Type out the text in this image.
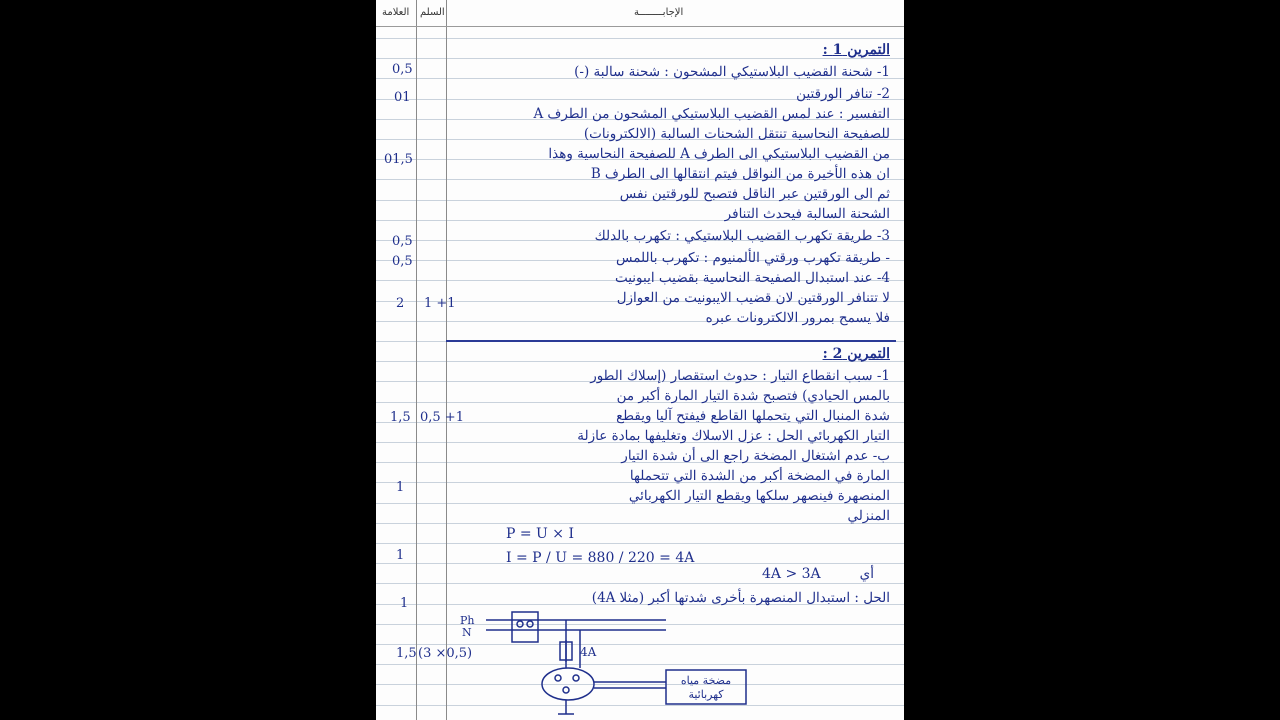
العلامة السلم	الإجابــــــــة
التمرين 1 :
1- شحنة القضيب البلاستيكي المشحون : شحنة سالبة (-)
2- تنافر الورقتين
التفسير : عند لمس القضيب البلاستيكي المشحون من الطرف A
للصفيحة النحاسية تنتقل الشحنات السالبة (الالكترونات)
من القضيب البلاستيكي الى الطرف A للصفيحة النحاسية وهذا
ان هذه الأخيرة من النواقل فيتم انتقالها الى الطرف B
ثم الى الورقتين عبر الناقل فتصبح للورقتين نفس
الشحنة السالبة فيحدث التنافر
3- طريقة تكهرب القضيب البلاستيكي : تكهرب بالدلك
- طريقة تكهرب ورقتي الألمنيوم : تكهرب باللمس
4- عند استبدال الصفيحة النحاسية بقضيب ايبونيت
لا تتنافر الورقتين لان قضيب الايبونيت من العوازل
فلا يسمح بمرور الالكترونات عبره
0,5
01
01,5
0,5
0,5
2 1 +1
التمرين 2 :
1- سبب انقطاع التيار : حدوث استقصار (إسلاك الطور
بالمس الحيادي) فتصبح شدة التيار المارة أكبر من
شدة المنبال التي يتحملها القاطع فيفتح آليا ويقطع
التيار الكهربائي الحل : عزل الاسلاك وتغليفها بمادة عازلة
ب- عدم اشتغال المضخة راجع الى أن شدة التيار
المارة في المضخة أكبر من الشدة التي تتحملها
المنصهرة فينصهر سلكها ويقطع التيار الكهربائي
المنزلي
P = U × I
I = P / U = 880 / 220 = 4A
4A > 3A	أي
الحل : استبدال المنصهرة بأخرى شدتها أكبر (مثلا 4A)
1,5
1
1
1
1,5
0,5 +1
(3 ×0,5)
Ph
N
4A
مضخة مياه
كهربائية
